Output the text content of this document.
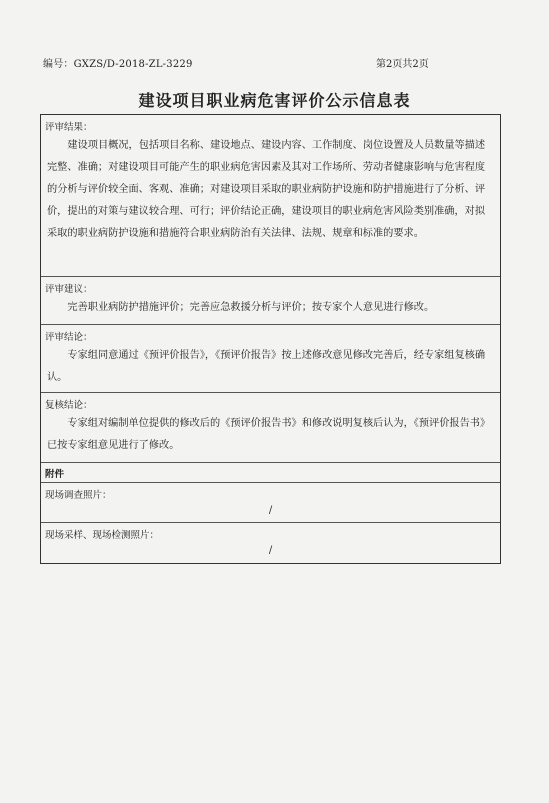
编号：GXZS/D-2018-ZL-3229	第2页共2页
建设项目职业病危害评价公示信息表
评审结果：

建设项目概况，包括项目名称、建设地点、建设内容、工作制度、岗位设置及人员数量等描述完整、准确；对建设项目可能产生的职业病危害因素及其对工作场所、劳动者健康影响与危害程度的分析与评价较全面、客观、准确；对建设项目采取的职业病防护设施和防护措施进行了分析、评价，提出的对策与建议较合理、可行；评价结论正确，建设项目的职业病危害风险类别准确，对拟采取的职业病防护设施和措施符合职业病防治有关法律、法规、规章和标准的要求。

评审建议：

完善职业病防护措施评价；完善应急救援分析与评价；按专家个人意见进行修改。

评审结论：

专家组同意通过《预评价报告》，《预评价报告》按上述修改意见修改完善后，经专家组复核确认。

复核结论：

专家组对编制单位提供的修改后的《预评价报告书》和修改说明复核后认为，《预评价报告书》已按专家组意见进行了修改。

附件
现场调查照片：
/
现场采样、现场检测照片：
/
